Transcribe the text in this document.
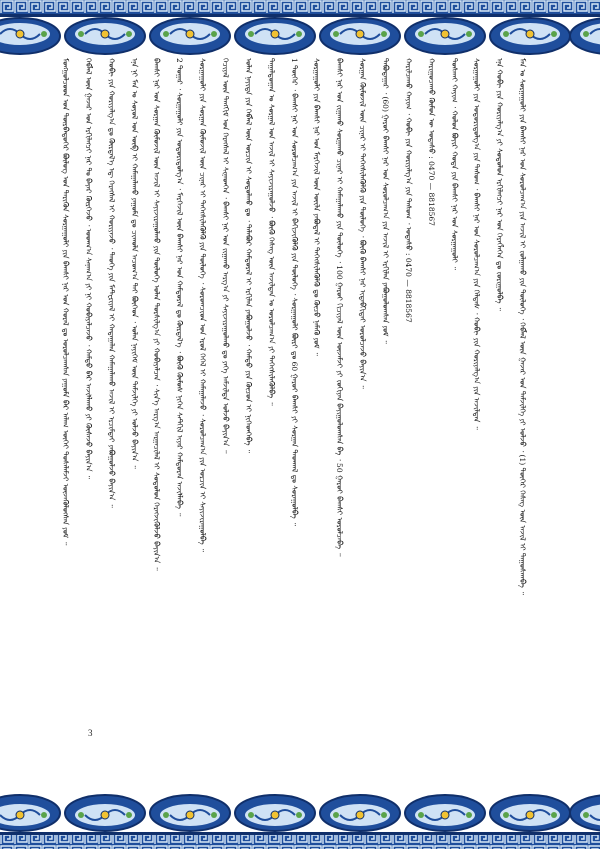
ᠮᠣᠩᠭᠣᠯᠴᠤᠳ ᠤᠨ ᠳᠦᠷᠪᠡᠳᠦᠭᠡᠷ ᠪᠦᠯᠦᠭ ᠤᠨ ᠲᠡᠷᠢᠭᠦᠨ ᠰᠤᠷᠭᠠᠭᠤᠯᠢ ᠶᠢᠨ ᠪᠠᠭᠰᠢ ᠨᠠᠷ ᠤᠨ ᠬᠤᠷᠠᠯ ᠳᠤ ᠣᠷᠤᠯᠴᠠᠭᠰᠠᠨ ᠶᠠᠭᠤᠮᠠ ᠪᠠᠷ ᠠᠯᠠᠭ ᠦᠭᠡᠢ ᠲᠤᠰᠠᠯᠠᠮᠵᠢ ᠦᠵᠡᠭᠦᠯᠦᠭᠰᠡᠨ ᠶᠤᠮ ᠃ ᠬᠡᠪᠯᠡᠯ ᠦᠨ ᠭᠠᠵᠠᠷ ᠤᠨ ᠡᠷᠬᠢᠯᠡᠭᠴᠢ ᠨᠠᠷ ᠲᠤ ᠪᠠᠶᠠᠷ ᠬᠦᠷᠭᠡᠵᠦ ᠂ ᠤᠳᠬ᠎ᠠ ᠰᠠᠨᠠᠭ᠎ᠠ ᠶᠢ ᠨᠢ ᠬᠤᠪᠢᠶᠠᠯᠴᠠᠵᠤ ᠂ ᠬᠠᠮᠲᠤ ᠪᠡᠷ ᠠᠵᠢᠯᠯᠠᠬᠤ ᠶᠢ ᠬᠦᠰᠡᠵᠦ ᠪᠠᠶᠢᠨ᠎ᠠ ᠃ ᠬᠤᠪᠢ ᠶᠢᠨ ᠬᠤᠷᠢᠶᠠᠯᠭ᠎ᠠ ᠳᠤ ᠬᠦᠷᠲᠡᠯ᠎ᠡ ᠡᠳ᠋ ᠬᠡᠷᠡᠭᠰᠡᠯ ᠢ ᠬᠤᠷᠢᠶᠠᠵᠤ ᠂ ᠲᠡᠦᠬᠡ ᠶᠢᠨ ᠮᠠᠲ᠋ᠧᠷᠢᠶᠠᠯ ᠢ ᠬᠠᠳᠠᠭᠠᠯᠠᠨ ᠬᠠᠮᠠᠭᠠᠯᠠᠬᠤ ᠠᠵᠢᠯ ᠢ ᠡᠷᠴᠢᠮᠲᠡᠢ ᠶᠠᠪᠤᠭᠤᠯᠵᠤ ᠪᠠᠶᠢᠨ᠎ᠠ ᠃ ᠡᠨᠡ ᠨᠢ ᠮᠠᠨ ᠤ ᠰᠤᠶᠤᠯ ᠤᠨ ᠦᠪ ᠢ ᠬᠠᠮᠠᠭᠠᠯᠠᠬᠤ ᠶᠠᠭᠤᠮᠠ ᠳᠤ ᠴᠢᠬᠤᠯᠠ ᠠᠴᠤᠭ᠎ᠠ ᠲᠠᠢ ᠪᠦᠭᠡᠳ ᠂ ᠣᠯᠠᠨ ᠨᠡᠶᠢᠭᠡᠮ ᠦᠨ ᠳᠡᠮᠵᠢᠯᠭᠡ ᠶᠢ ᠣᠯᠵᠤ ᠪᠠᠶᠢᠨ᠎ᠠ ᠃ ᠪᠠᠭᠰᠢ ᠨᠠᠷ ᠤᠨ ᠰᠤᠷᠭᠠᠨ ᠬᠦᠮᠦᠵᠢᠯ ᠦᠨ ᠠᠵᠢᠯ ᠢ ᠰᠠᠶᠢᠵᠢᠷᠠᠭᠤᠯᠬᠤ ᠶᠢᠨ ᠲᠥᠯᠥᠭᠡ ᠣᠯᠠᠨ ᠲᠤᠷᠰᠢᠯᠭ᠎ᠠ ᠶᠢ ᠬᠤᠪᠢᠶᠠᠯᠴᠠᠨ ᠂ ᠰᠢᠨ᠎ᠡ ᠠᠷᠭ᠎ᠠ ᠠᠷᠭᠠᠴᠢᠯᠠᠯ ᠢ ᠰᠤᠳᠤᠯᠤᠨ ᠬᠡᠷᠡᠭᠵᠢᠭᠦᠯᠵᠦ ᠪᠠᠶᠢᠨ᠎ᠠ ᠃ 2 ᠳᠤᠭᠠᠷ ᠂ ᠰᠤᠷᠭᠠᠭᠤᠯᠢ ᠶᠢᠨ ᠤᠳᠤᠷᠢᠳᠤᠯᠭ᠎ᠠ ᠂ ᠮᠡᠷᠭᠡᠵᠢᠯ ᠦᠨ ᠪᠠᠭᠰᠢ ᠨᠠᠷ ᠤᠨ ᠬᠠᠮᠲᠤᠷᠠᠯ ᠳᠤ ᠬᠦᠷᠲᠡᠯ᠎ᠡ ᠂ ᠪᠦᠬᠦ ᠬᠦᠮᠦᠰ ᠨᠢᠭᠡᠨ ᠰᠡᠲᠭᠢᠯ ᠢᠶᠡᠷ ᠬᠠᠮᠲᠤᠷᠠᠨ ᠠᠵᠢᠯᠯᠠᠪᠠ ᠃ ᠰᠤᠷᠭᠠᠭᠤᠯᠢ ᠶᠢᠨ ᠰᠤᠷᠭᠠᠨ ᠬᠦᠮᠦᠵᠢᠯ ᠦᠨ ᠴᠢᠨᠠᠷ ᠢ ᠳᠡᠭᠡᠭᠰᠢᠯᠡᠭᠦᠯᠬᠦ ᠶᠢᠨ ᠲᠥᠯᠥᠭᠡ ᠂ ᠰᠤᠷᠤᠭᠴᠢᠳ ᠤᠨ ᠡᠷᠦᠯ ᠬᠡᠭᠡᠯ ᠢ ᠬᠠᠮᠠᠭᠠᠯᠠᠵᠤ ᠂ ᠰᠤᠷᠤᠯᠴᠠᠭ᠎ᠠ ᠶᠢᠨ ᠣᠷᠴᠢᠨ ᠢ ᠰᠠᠶᠢᠵᠢᠷᠠᠭᠤᠯᠪᠠ ᠃ ᠬᠡᠴᠢᠶᠡᠯ ᠦᠨ ᠲᠠᠩᠬᠢᠮ ᠤᠨ ᠬᠡᠷᠡᠭᠰᠡᠯ ᠢ ᠰᠢᠨᠡᠳᠬᠡᠨ ᠂ ᠪᠠᠭᠰᠢ ᠨᠠᠷ ᠤᠨ ᠵᠢᠭᠠᠬᠤ ᠠᠷᠭ᠎ᠠ ᠶᠢ ᠰᠠᠶᠢᠵᠢᠷᠠᠭᠤᠯᠬᠤ ᠳᠤ ᠶᠡᠬᠡ ᠠᠮᠵᠢᠯᠲᠠ ᠣᠯᠵᠤ ᠪᠠᠶᠢᠨ᠎ᠠ ᠃ ᠣᠯᠠᠨ ᠨᠡᠶᠢᠲᠡ ᠶᠢᠨ ᠬᠡᠪᠯᠡᠯ ᠦᠨ ᠣᠷᠴᠢᠨ ᠢ ᠰᠤᠳᠤᠯᠬᠤ ᠳᠤ ᠂ ᠲᠠᠯᠠᠪᠤᠷ ᠬᠠᠮᠲᠤᠷᠠᠯ ᠢ ᠡᠷᠬᠢᠯᠡᠨ ᠶᠠᠪᠤᠭᠤᠯᠵᠤ ᠂ ᠬᠠᠮᠲᠤ ᠶᠢᠨ ᠬᠦᠴᠦᠨ ᠢ ᠨᠢᠭᠡᠳᠭᠡᠪᠡ ᠃ ᠳᠠᠭᠠᠯᠳᠤᠭᠠᠨ ᠤ ᠰᠤᠷᠭᠠᠯ ᠤᠨ ᠠᠵᠢᠯ ᠢ ᠰᠠᠶᠢᠵᠢᠷᠠᠭᠤᠯᠵᠤ ᠂ ᠪᠦᠬᠦ ᠬᠡᠰᠡᠭ ᠦᠨ ᠠᠵᠢᠯᠲᠠᠨ ᠤ ᠣᠷᠤᠯᠴᠠᠭ᠎ᠠ ᠶᠢ ᠳᠡᠭᠡᠭᠰᠢᠯᠡᠭᠦᠯᠪᠡ ᠃ 1 ᠳᠦᠭᠡᠷ ᠂ ᠪᠠᠭᠰᠢ ᠨᠠᠷ ᠤᠨ ᠰᠤᠷᠤᠯᠴᠠᠭ᠎ᠠ ᠶᠢᠨ ᠠᠵᠢᠯ ᠢ ᠪᠡᠬᠢᠵᠢᠭᠦᠯᠬᠦ ᠶᠢᠨ ᠲᠥᠯᠥᠭᠡ ᠂ ᠰᠤᠷᠭᠠᠭᠤᠯᠢ ᠪᠦᠷᠢ ᠳᠤ 60 ᠭᠠᠷᠤᠢ ᠪᠠᠭᠰᠢ ᠶᠢ ᠰᠤᠷᠭᠠᠨ ᠳᠠᠳᠬᠠᠯ ᠳᠤ ᠰᠤᠷᠠᠭᠤᠯᠪᠠ ᠃ ᠰᠤᠷᠭᠠᠭᠤᠯᠢ ᠶᠢᠨ ᠪᠠᠭᠰᠢ ᠨᠠᠷ ᠤᠨ ᠮᠡᠷᠭᠡᠵᠢᠯ ᠦᠨ ᠦᠢᠯᠡ ᠶᠠᠪᠤᠳᠠᠯ ᠢ ᠳᠡᠭᠡᠭᠰᠢᠯᠡᠭᠦᠯᠬᠦ ᠳᠤ ᠬᠦᠴᠦ ᠨᠡᠮᠡᠬᠦ ᠶᠤᠮ ᠃ ᠪᠠᠭᠰᠢ ᠨᠠᠷ ᠤᠨ ᠵᠢᠭᠠᠬᠤ ᠰᠤᠷᠭᠠᠬᠤ ᠴᠢᠨᠠᠷ ᠢ ᠬᠠᠮᠠᠭᠠᠯᠠᠬᠤ ᠶᠢᠨ ᠲᠥᠯᠥᠭᠡ ᠂ 100 ᠭᠠᠷᠤᠢ ᠬᠢᠴᠢᠶᠡᠯ ᠦᠨ ᠦᠵᠡᠮᠵᠢ ᠶᠢ ᠵᠣᠬᠢᠶᠠᠨ ᠪᠠᠶᠢᠭᠤᠯᠤᠭᠰᠠᠨ ᠪᠠ ᠂ 50 ᠭᠠᠷᠤᠢ ᠪᠠᠭᠰᠢ ᠣᠷᠤᠯᠴᠠᠪᠠ ᠃ ᠰᠤᠷᠭᠠᠨ ᠬᠦᠮᠦᠵᠢᠯ ᠦᠨ ᠴᠢᠨᠠᠷ ᠢ ᠳᠡᠭᠡᠭᠰᠢᠯᠡᠭᠦᠯᠬᠦ ᠶᠢᠨ ᠲᠥᠯᠥᠭᠡ ᠂ ᠪᠦᠬᠦ ᠪᠠᠭᠰᠢ ᠨᠠᠷ ᠢᠳᠡᠪᠬᠢᠲᠡᠢ ᠣᠷᠤᠯᠴᠠᠵᠤ ᠪᠠᠶᠢᠨ᠎ᠠ ᠃ ᠲᠠᠪᠤᠳᠠᠭᠠᠷ ᠂ (60) ᠭᠠᠷᠤᠢ ᠪᠠᠭᠰᠢ ᠨᠠᠷ ᠤᠨ ᠰᠤᠷᠤᠯᠴᠠᠭ᠎ᠠ ᠶᠢᠨ ᠠᠵᠢᠯ ᠢ ᠡᠷᠬᠢᠯᠡᠨ ᠶᠠᠪᠤᠭᠤᠯᠤᠭᠰᠠᠨ ᠶᠤᠮ ᠃ ᠬᠠᠷᠢᠯᠴᠠᠬᠤ ᠬᠠᠶᠢᠭ ᠂ ᠬᠤᠪᠢ ᠶᠢᠨ ᠬᠤᠷᠢᠶᠠᠯᠭ᠎ᠠ ᠶᠢᠨ ᠲᠠᠰᠤᠭ ᠂ ᠤᠲᠠᠰᠤ : 0470 — 8818567 ᠬᠠᠷᠢᠭᠤᠴᠠᠬᠤ ᠬᠦᠮᠦᠨ ᠦ ᠤᠲᠠᠰᠤ : 0470 — 8818567 ᠲᠤᠰᠬᠠᠢ ᠬᠠᠶᠢᠭ ᠂ ᠬᠤᠯᠤᠨ ᠪᠤᠶᠢᠷ ᠬᠣᠲᠠ ᠶᠢᠨ ᠪᠠᠭᠰᠢ ᠨᠠᠷ ᠤᠨ ᠰᠤᠷᠭᠠᠭᠤᠯᠢ ᠃ ᠰᠤᠷᠭᠠᠭᠤᠯᠢ ᠶᠢᠨ ᠤᠳᠤᠷᠢᠳᠤᠯᠭ᠎ᠠ ᠶᠢᠨ ᠲᠠᠰᠤᠭ ᠂ ᠪᠠᠭᠰᠢ ᠨᠠᠷ ᠤᠨ ᠰᠤᠷᠤᠯᠴᠠᠭ᠎ᠠ ᠶᠢᠨ ᠬᠡᠯᠲᠡᠰ ᠂ ᠬᠤᠪᠢ ᠶᠢᠨ ᠬᠤᠷᠢᠶᠠᠯᠭ᠎ᠠ ᠶᠢᠨ ᠠᠵᠢᠯᠲᠠᠨ ᠃ ᠡᠨᠡ ᠬᠤᠪᠢ ᠶᠢᠨ ᠬᠤᠷᠢᠶᠠᠯᠭ᠎ᠠ ᠶᠢ ᠰᠤᠳᠤᠯᠤᠨ ᠡᠷᠬᠢᠯᠡᠭᠴᠢ ᠨᠠᠷ ᠤᠨ ᠬᠡᠷᠡᠭᠯᠡᠭᠡᠨ ᠳᠤ ᠵᠣᠷᠢᠭᠤᠯᠪᠠ ᠃ ᠮᠠᠨ ᠤ ᠰᠤᠷᠭᠠᠭᠤᠯᠢ ᠶᠢᠨ ᠪᠠᠭᠰᠢ ᠨᠠᠷ ᠤᠨ ᠰᠤᠷᠤᠯᠴᠠᠭ᠎ᠠ ᠶᠢᠨ ᠠᠵᠢᠯ ᠢ ᠵᠤᠯᠭᠠᠬᠤ ᠶᠢᠨ ᠲᠥᠯᠥᠭᠡ ᠂ ᠬᠡᠪᠯᠡᠯ ᠦᠨ ᠭᠠᠵᠠᠷ ᠤᠨ ᠳᠡᠮᠵᠢᠯᠭᠡ ᠶᠢ ᠣᠯᠵᠤ ᠂ (1) ᠳᠦᠭᠡᠷ ᠬᠡᠰᠡᠭ ᠦᠨ ᠠᠵᠢᠯ ᠢ ᠳᠠᠭᠤᠰᠬᠠᠪᠠ ᠃
3
